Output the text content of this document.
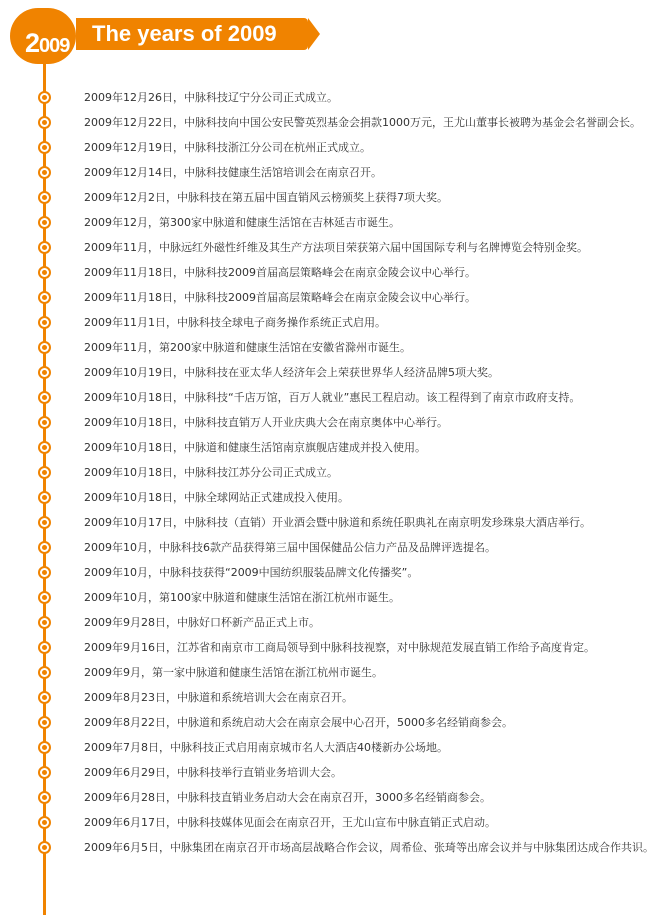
2009 The years of 2009
2009年12月26日，中脉科技辽宁分公司正式成立。
2009年12月22日，中脉科技向中国公安民警英烈基金会捐款1000万元，王尤山董事长被聘为基金会名誉副会长。
2009年12月19日，中脉科技浙江分公司在杭州正式成立。
2009年12月14日，中脉科技健康生活馆培训会在南京召开。
2009年12月2日，中脉科技在第五届中国直销风云榜颁奖上获得7项大奖。
2009年12月，第300家中脉道和健康生活馆在吉林延吉市诞生。
2009年11月，中脉远红外磁性纤维及其生产方法项目荣获第六届中国国际专利与名牌博览会特别金奖。
2009年11月18日，中脉科技2009首届高层策略峰会在南京金陵会议中心举行。
2009年11月18日，中脉科技2009首届高层策略峰会在南京金陵会议中心举行。
2009年11月1日，中脉科技全球电子商务操作系统正式启用。
2009年11月，第200家中脉道和健康生活馆在安徽省滁州市诞生。
2009年10月19日，中脉科技在亚太华人经济年会上荣获世界华人经济品牌5项大奖。
2009年10月18日，中脉科技“千店万馆，百万人就业”惠民工程启动。该工程得到了南京市政府支持。
2009年10月18日，中脉科技直销万人开业庆典大会在南京奥体中心举行。
2009年10月18日，中脉道和健康生活馆南京旗舰店建成并投入使用。
2009年10月18日，中脉科技江苏分公司正式成立。
2009年10月18日，中脉全球网站正式建成投入使用。
2009年10月17日，中脉科技（直销）开业酒会暨中脉道和系统任职典礼在南京明发珍珠泉大酒店举行。
2009年10月，中脉科技6款产品获得第三届中国保健品公信力产品及品牌评选提名。
2009年10月，中脉科技获得“2009中国纺织服装品牌文化传播奖”。
2009年10月，第100家中脉道和健康生活馆在浙江杭州市诞生。
2009年9月28日，中脉好口杯新产品正式上市。
2009年9月16日，江苏省和南京市工商局领导到中脉科技视察，对中脉规范发展直销工作给予高度肯定。
2009年9月，第一家中脉道和健康生活馆在浙江杭州市诞生。
2009年8月23日，中脉道和系统培训大会在南京召开。
2009年8月22日，中脉道和系统启动大会在南京会展中心召开，5000多名经销商参会。
2009年7月8日，中脉科技正式启用南京城市名人大酒店40楼新办公场地。
2009年6月29日，中脉科技举行直销业务培训大会。
2009年6月28日，中脉科技直销业务启动大会在南京召开，3000多名经销商参会。
2009年6月17日，中脉科技媒体见面会在南京召开，王尤山宣布中脉直销正式启动。
2009年6月5日，中脉集团在南京召开市场高层战略合作会议，周希俭、张琦等出席会议并与中脉集团达成合作共识。
